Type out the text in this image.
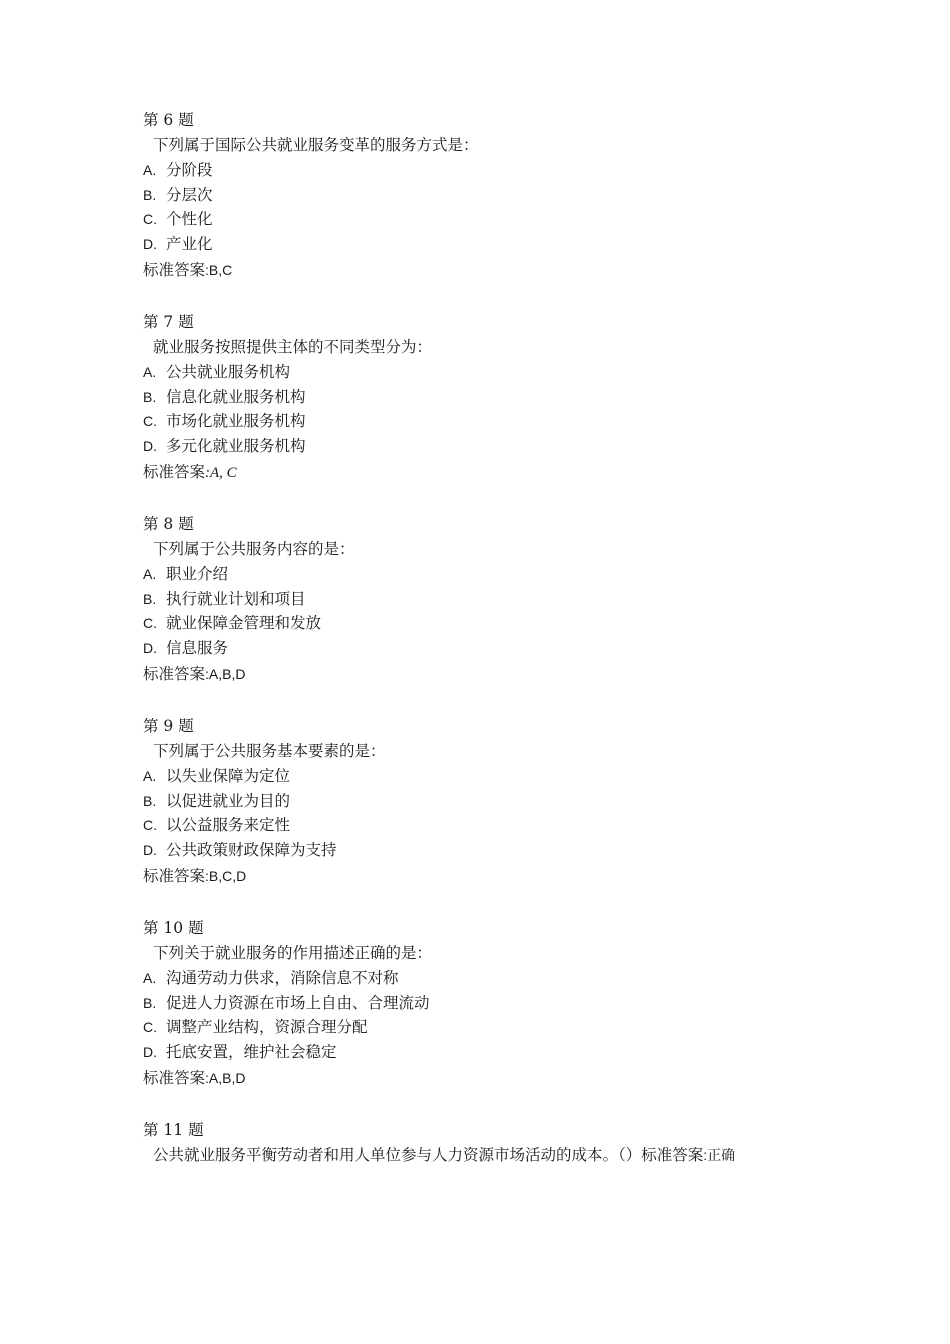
第 6 题
下列属于国际公共就业服务变革的服务方式是：
A. 分阶段
B. 分层次
C. 个性化
D. 产业化
标准答案:B,C
第 7 题
就业服务按照提供主体的不同类型分为：
A. 公共就业服务机构
B. 信息化就业服务机构
C. 市场化就业服务机构
D. 多元化就业服务机构
标准答案:A, C
第 8 题
下列属于公共服务内容的是：
A. 职业介绍
B. 执行就业计划和项目
C. 就业保障金管理和发放
D. 信息服务
标准答案:A,B,D
第 9 题
下列属于公共服务基本要素的是：
A. 以失业保障为定位
B. 以促进就业为目的
C. 以公益服务来定性
D. 公共政策财政保障为支持
标准答案:B,C,D
第 10 题
下列关于就业服务的作用描述正确的是：
A. 沟通劳动力供求，消除信息不对称
B. 促进人力资源在市场上自由、合理流动
C. 调整产业结构，资源合理分配
D. 托底安置，维护社会稳定
标准答案:A,B,D
第 11 题
公共就业服务平衡劳动者和用人单位参与人力资源市场活动的成本。（）标准答案:正确
